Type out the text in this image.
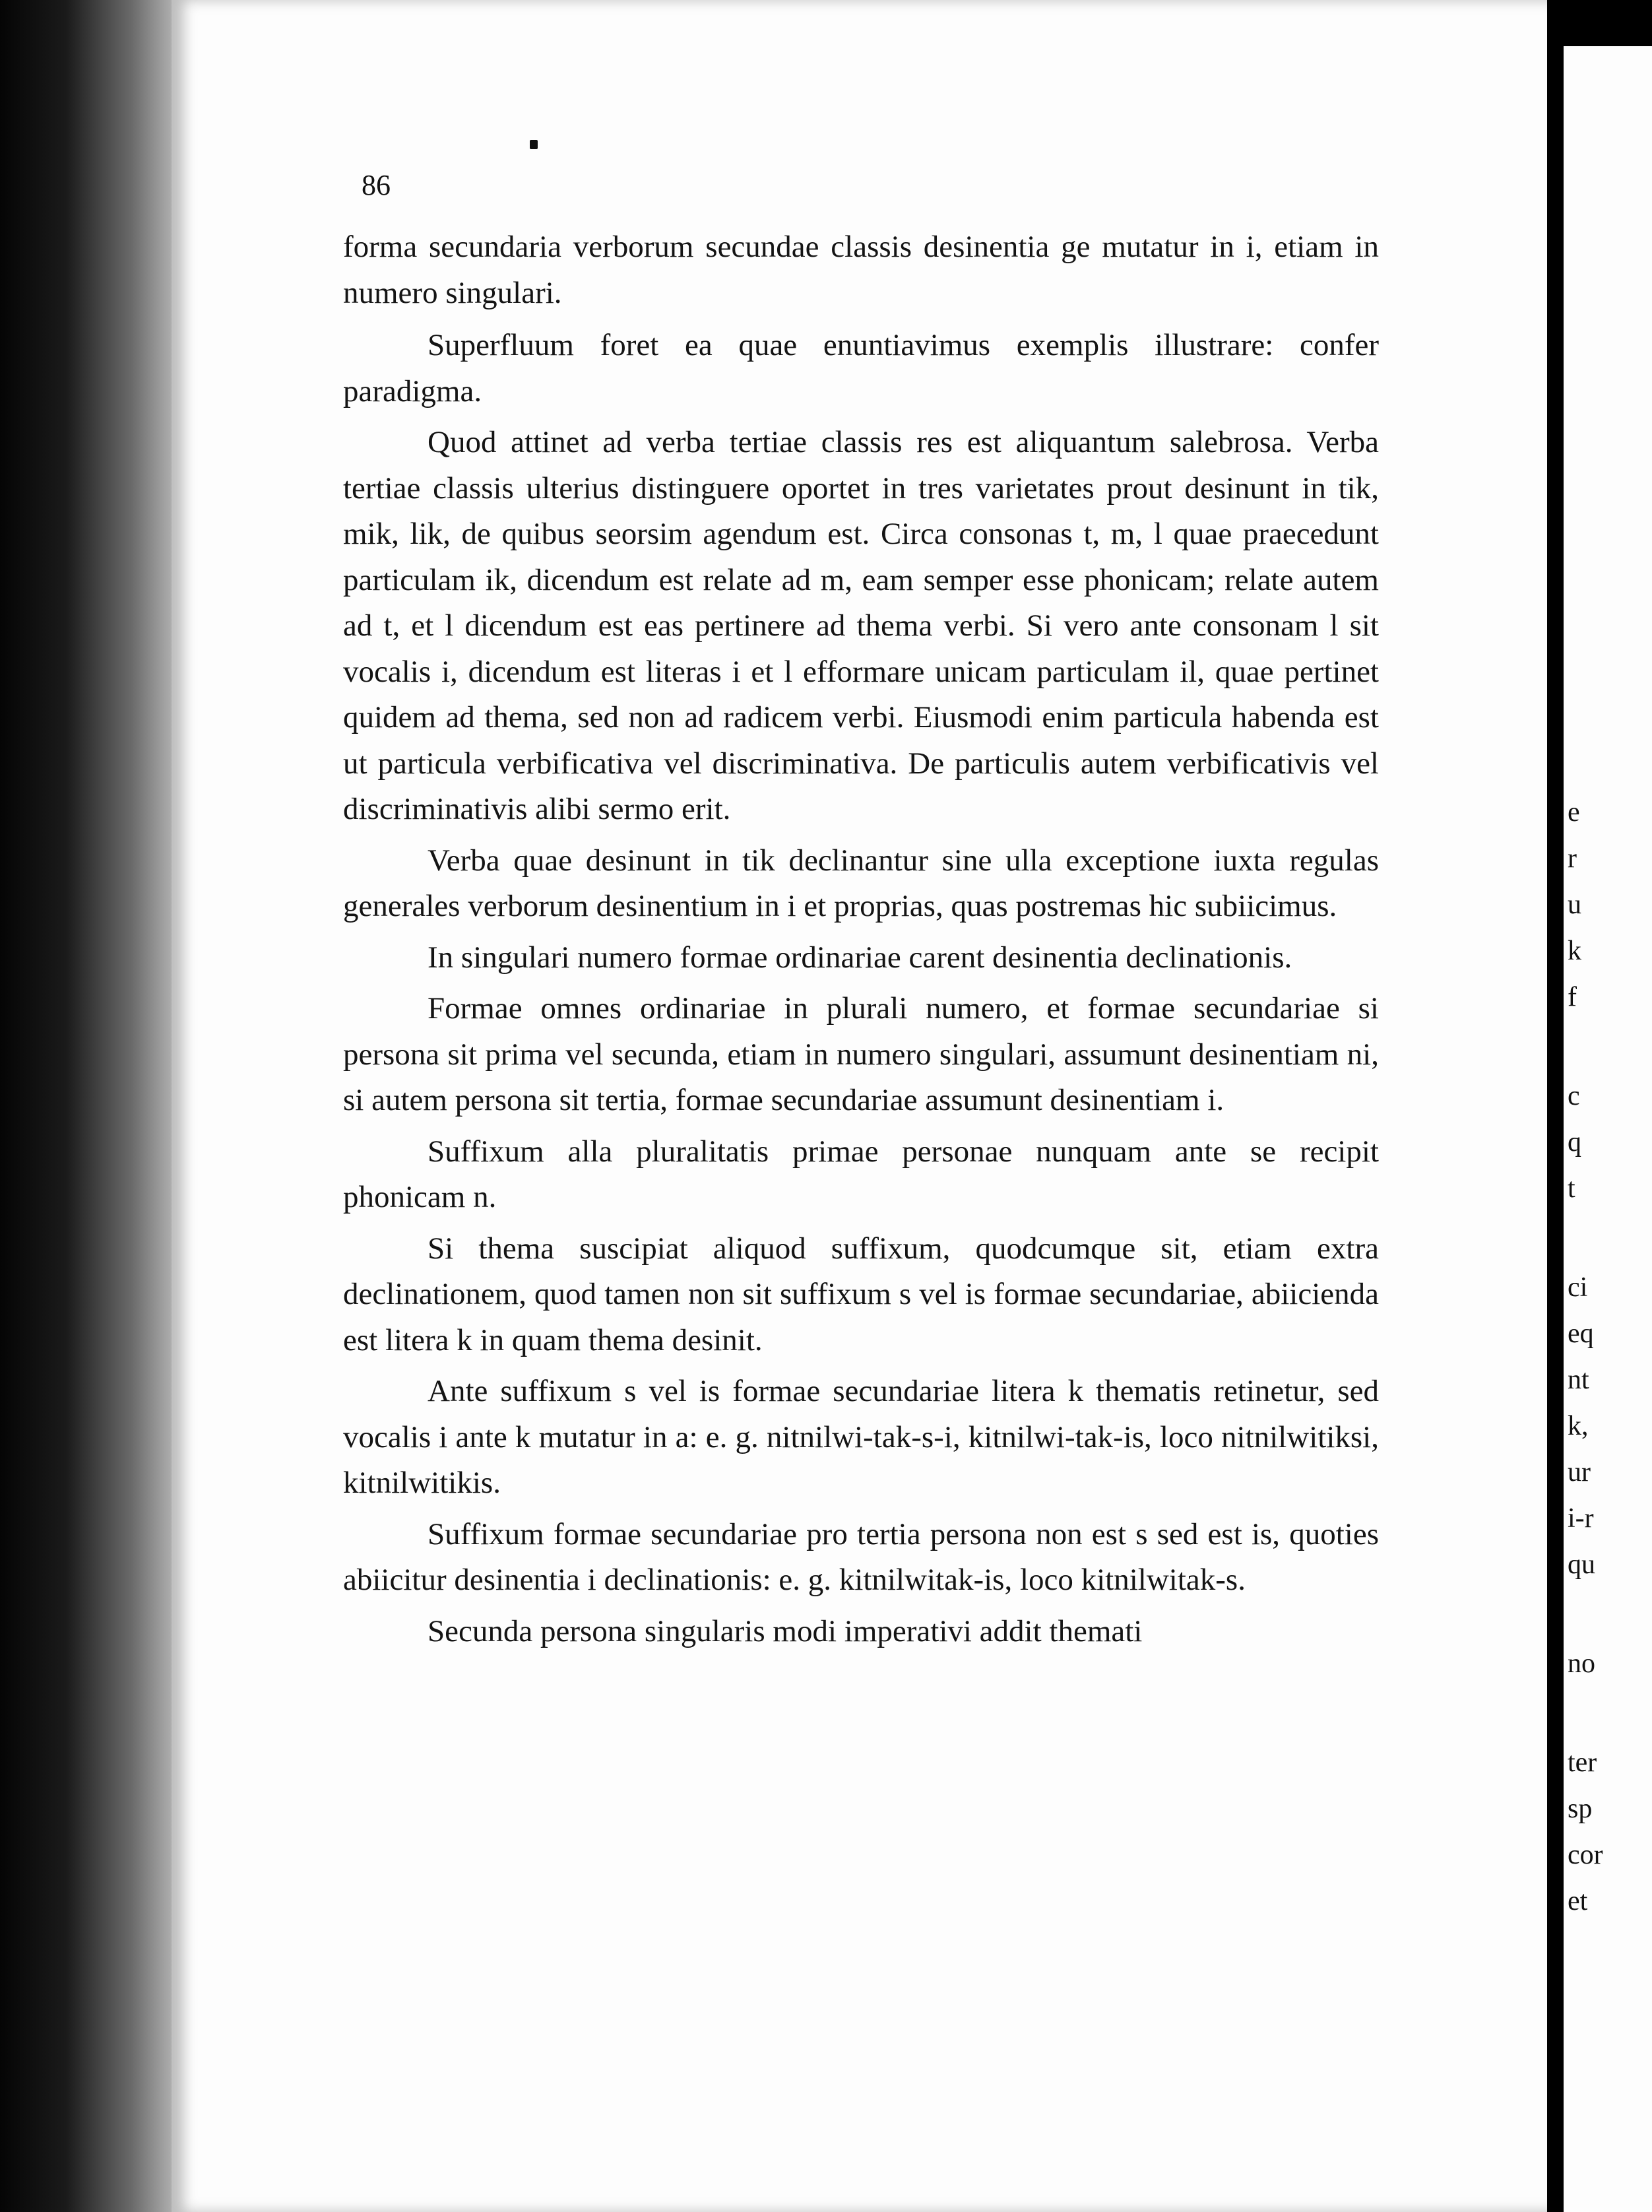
86

forma secundaria verborum secundae classis desinentia ge mutatur in i, etiam in numero singulari.

Superfluum foret ea quae enuntiavimus exemplis illustrare: confer paradigma.

Quod attinet ad verba tertiae classis res est aliquantum salebrosa. Verba tertiae classis ulterius distinguere oportet in tres varietates prout desinunt in tik, mik, lik, de quibus seorsim agendum est. Circa consonas t, m, l quae praecedunt particulam ik, dicendum est relate ad m, eam semper esse phonicam; relate autem ad t, et l dicendum est eas pertinere ad thema verbi. Si vero ante consonam l sit vocalis i, dicendum est literas i et l efformare unicam particulam il, quae pertinet quidem ad thema, sed non ad radicem verbi. Eiusmodi enim particula habenda est ut particula verbificativa vel discriminativa. De particulis autem verbificativis vel discriminativis alibi sermo erit.

Verba quae desinunt in tik declinantur sine ulla exceptione iuxta regulas generales verborum desinentium in i et proprias, quas postremas hic subiicimus.

In singulari numero formae ordinariae carent desinentia declinationis.

Formae omnes ordinariae in plurali numero, et formae secundariae si persona sit prima vel secunda, etiam in numero singulari, assumunt desinentiam ni, si autem persona sit tertia, formae secundariae assumunt desinentiam i.

Suffixum alla pluralitatis primae personae nunquam ante se recipit phonicam n.

Si thema suscipiat aliquod suffixum, quodcumque sit, etiam extra declinationem, quod tamen non sit suffixum s vel is formae secundariae, abiicienda est litera k in quam thema desinit.

Ante suffixum s vel is formae secundariae litera k thematis retinetur, sed vocalis i ante k mutatur in a: e. g. nitnilwi-tak-s-i, kitnilwi-tak-is, loco nitnilwitiksi, kitnilwitikis.

Suffixum formae secundariae pro tertia persona non est s sed est is, quoties abiicitur desinentia i declinationis: e. g. kitnilwitak-is, loco kitnilwitak-s.

Secunda persona singularis modi imperativi addit themati

e
r
u
k
f
c
q
t
ci
eq
nt
k,
ur
i-r
qu
no
ter
sp
cor
et
